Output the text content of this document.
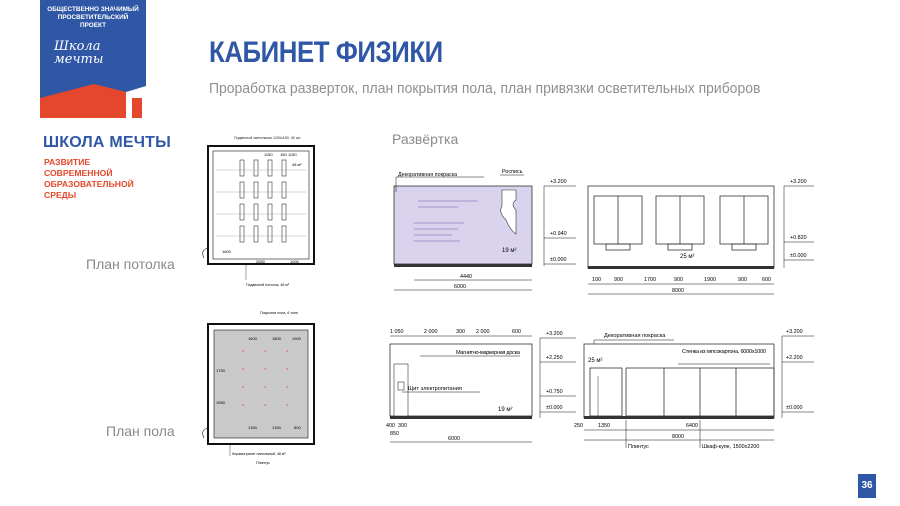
ОБЩЕСТВЕННО ЗНАЧИМЫЙ ПРОСВЕТИТЕЛЬСКИЙ ПРОЕКТ
Школа мечты
ШКОЛА МЕЧТЫ
РАЗВИТИЕ СОВРЕМЕННОЙ ОБРАЗОВАТЕЛЬНОЙ СРЕДЫ
КАБИНЕТ ФИЗИКИ
Проработка разверток, план покрытия пола, план привязки осветительных приборов
План потолка
План пола
Развёртка
Подвесной светильник 1200х150, 40 шт.
1150 150 1150
48 м²
1600
2650	1000
Подвесной потолок, 48 м²
Покрытие пола, 6 тонн
^	^	^
^	^	^
^	^	^
^	^	^
1600	1800	1900
1750
1550
1350	1350	800
Керамогранит напольный, 48 м²
Плинтус
Декоративная покраска	Роспись
19 м²
4440
6000
+3.200
+0.940
±0.000	25 м²
100 900	1700	900	1900	900	600
8000
+3.200
+0.820
±0.000
1 050	2 000	300 2 000	600
Магнитно-маркерная доска
Щит электропитания
19 м²
400 300
850
6000
+3.200
+2.250
+0.750
±0.000
Декоративная покраска
25 м²
Стенка из гипсокартона, 6000x1000
250	1350	6400
8000
Плинтус	Шкаф-купе, 1500x2200
+3.200
+2.200
±0.000
36
